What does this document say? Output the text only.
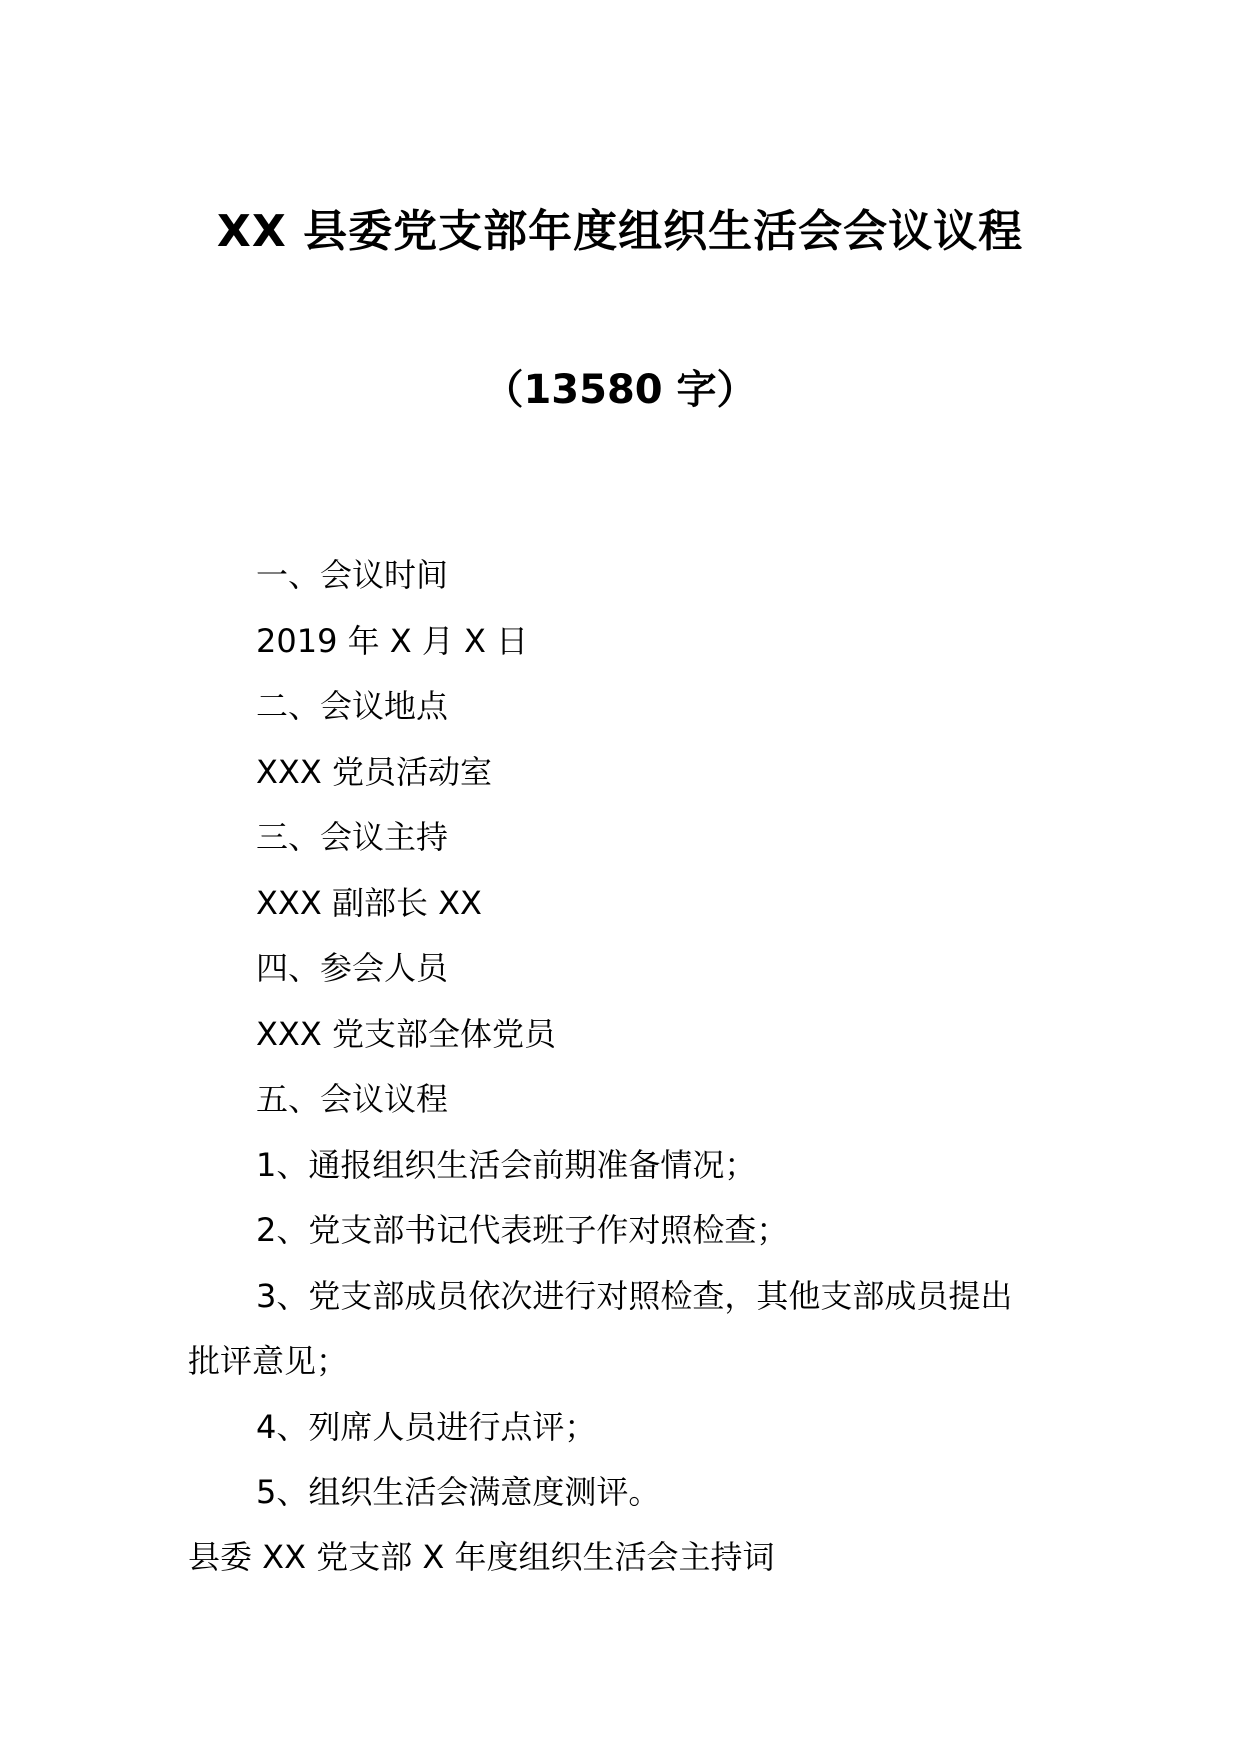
XX 县委党支部年度组织生活会会议议程
（13580 字）
一、会议时间
2019 年 X 月 X 日
二、会议地点
XXX 党员活动室
三、会议主持
XXX 副部长 XX
四、参会人员
XXX 党支部全体党员
五、会议议程
1、通报组织生活会前期准备情况；
2、党支部书记代表班子作对照检查；
3、党支部成员依次进行对照检查，其他支部成员提出
批评意见；
4、列席人员进行点评；
5、组织生活会满意度测评。
县委 XX 党支部 X 年度组织生活会主持词
